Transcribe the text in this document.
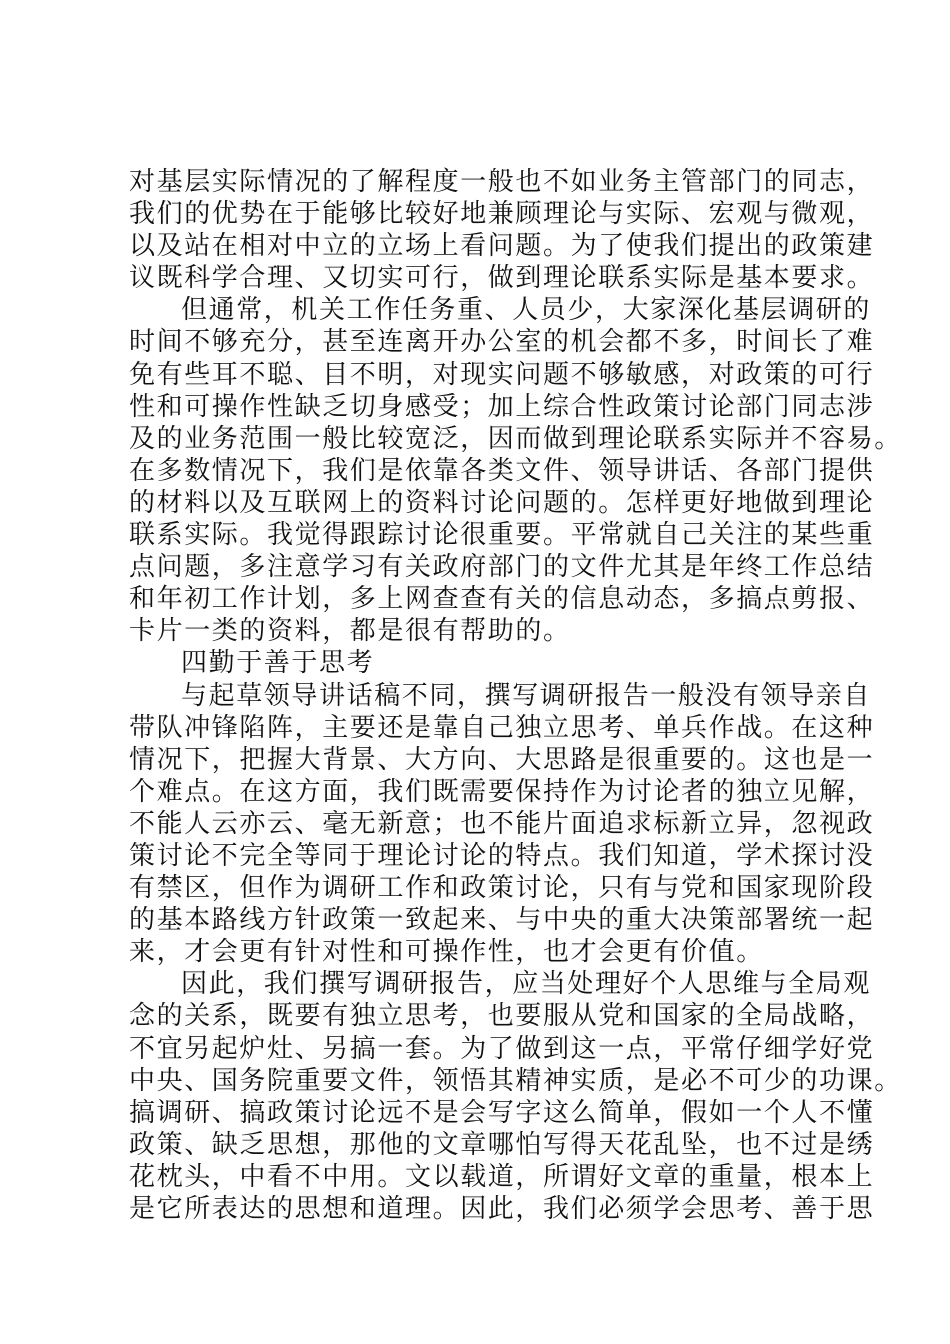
对基层实际情况的了解程度一般也不如业务主管部门的同志，
我们的优势在于能够比较好地兼顾理论与实际、宏观与微观，
以及站在相对中立的立场上看问题。为了使我们提出的政策建
议既科学合理、又切实可行，做到理论联系实际是基本要求。
但通常，机关工作任务重、人员少，大家深化基层调研的
时间不够充分，甚至连离开办公室的机会都不多，时间长了难
免有些耳不聪、目不明，对现实问题不够敏感，对政策的可行
性和可操作性缺乏切身感受；加上综合性政策讨论部门同志涉
及的业务范围一般比较宽泛，因而做到理论联系实际并不容易。
在多数情况下，我们是依靠各类文件、领导讲话、各部门提供
的材料以及互联网上的资料讨论问题的。怎样更好地做到理论
联系实际。我觉得跟踪讨论很重要。平常就自己关注的某些重
点问题，多注意学习有关政府部门的文件尤其是年终工作总结
和年初工作计划，多上网查查有关的信息动态，多搞点剪报、
卡片一类的资料，都是很有帮助的。
四勤于善于思考
与起草领导讲话稿不同，撰写调研报告一般没有领导亲自
带队冲锋陷阵，主要还是靠自己独立思考、单兵作战。在这种
情况下，把握大背景、大方向、大思路是很重要的。这也是一
个难点。在这方面，我们既需要保持作为讨论者的独立见解，
不能人云亦云、毫无新意；也不能片面追求标新立异，忽视政
策讨论不完全等同于理论讨论的特点。我们知道，学术探讨没
有禁区，但作为调研工作和政策讨论，只有与党和国家现阶段
的基本路线方针政策一致起来、与中央的重大决策部署统一起
来，才会更有针对性和可操作性，也才会更有价值。
因此，我们撰写调研报告，应当处理好个人思维与全局观
念的关系，既要有独立思考，也要服从党和国家的全局战略，
不宜另起炉灶、另搞一套。为了做到这一点，平常仔细学好党
中央、国务院重要文件，领悟其精神实质，是必不可少的功课。
搞调研、搞政策讨论远不是会写字这么简单，假如一个人不懂
政策、缺乏思想，那他的文章哪怕写得天花乱坠，也不过是绣
花枕头，中看不中用。文以载道，所谓好文章的重量，根本上
是它所表达的思想和道理。因此，我们必须学会思考、善于思
